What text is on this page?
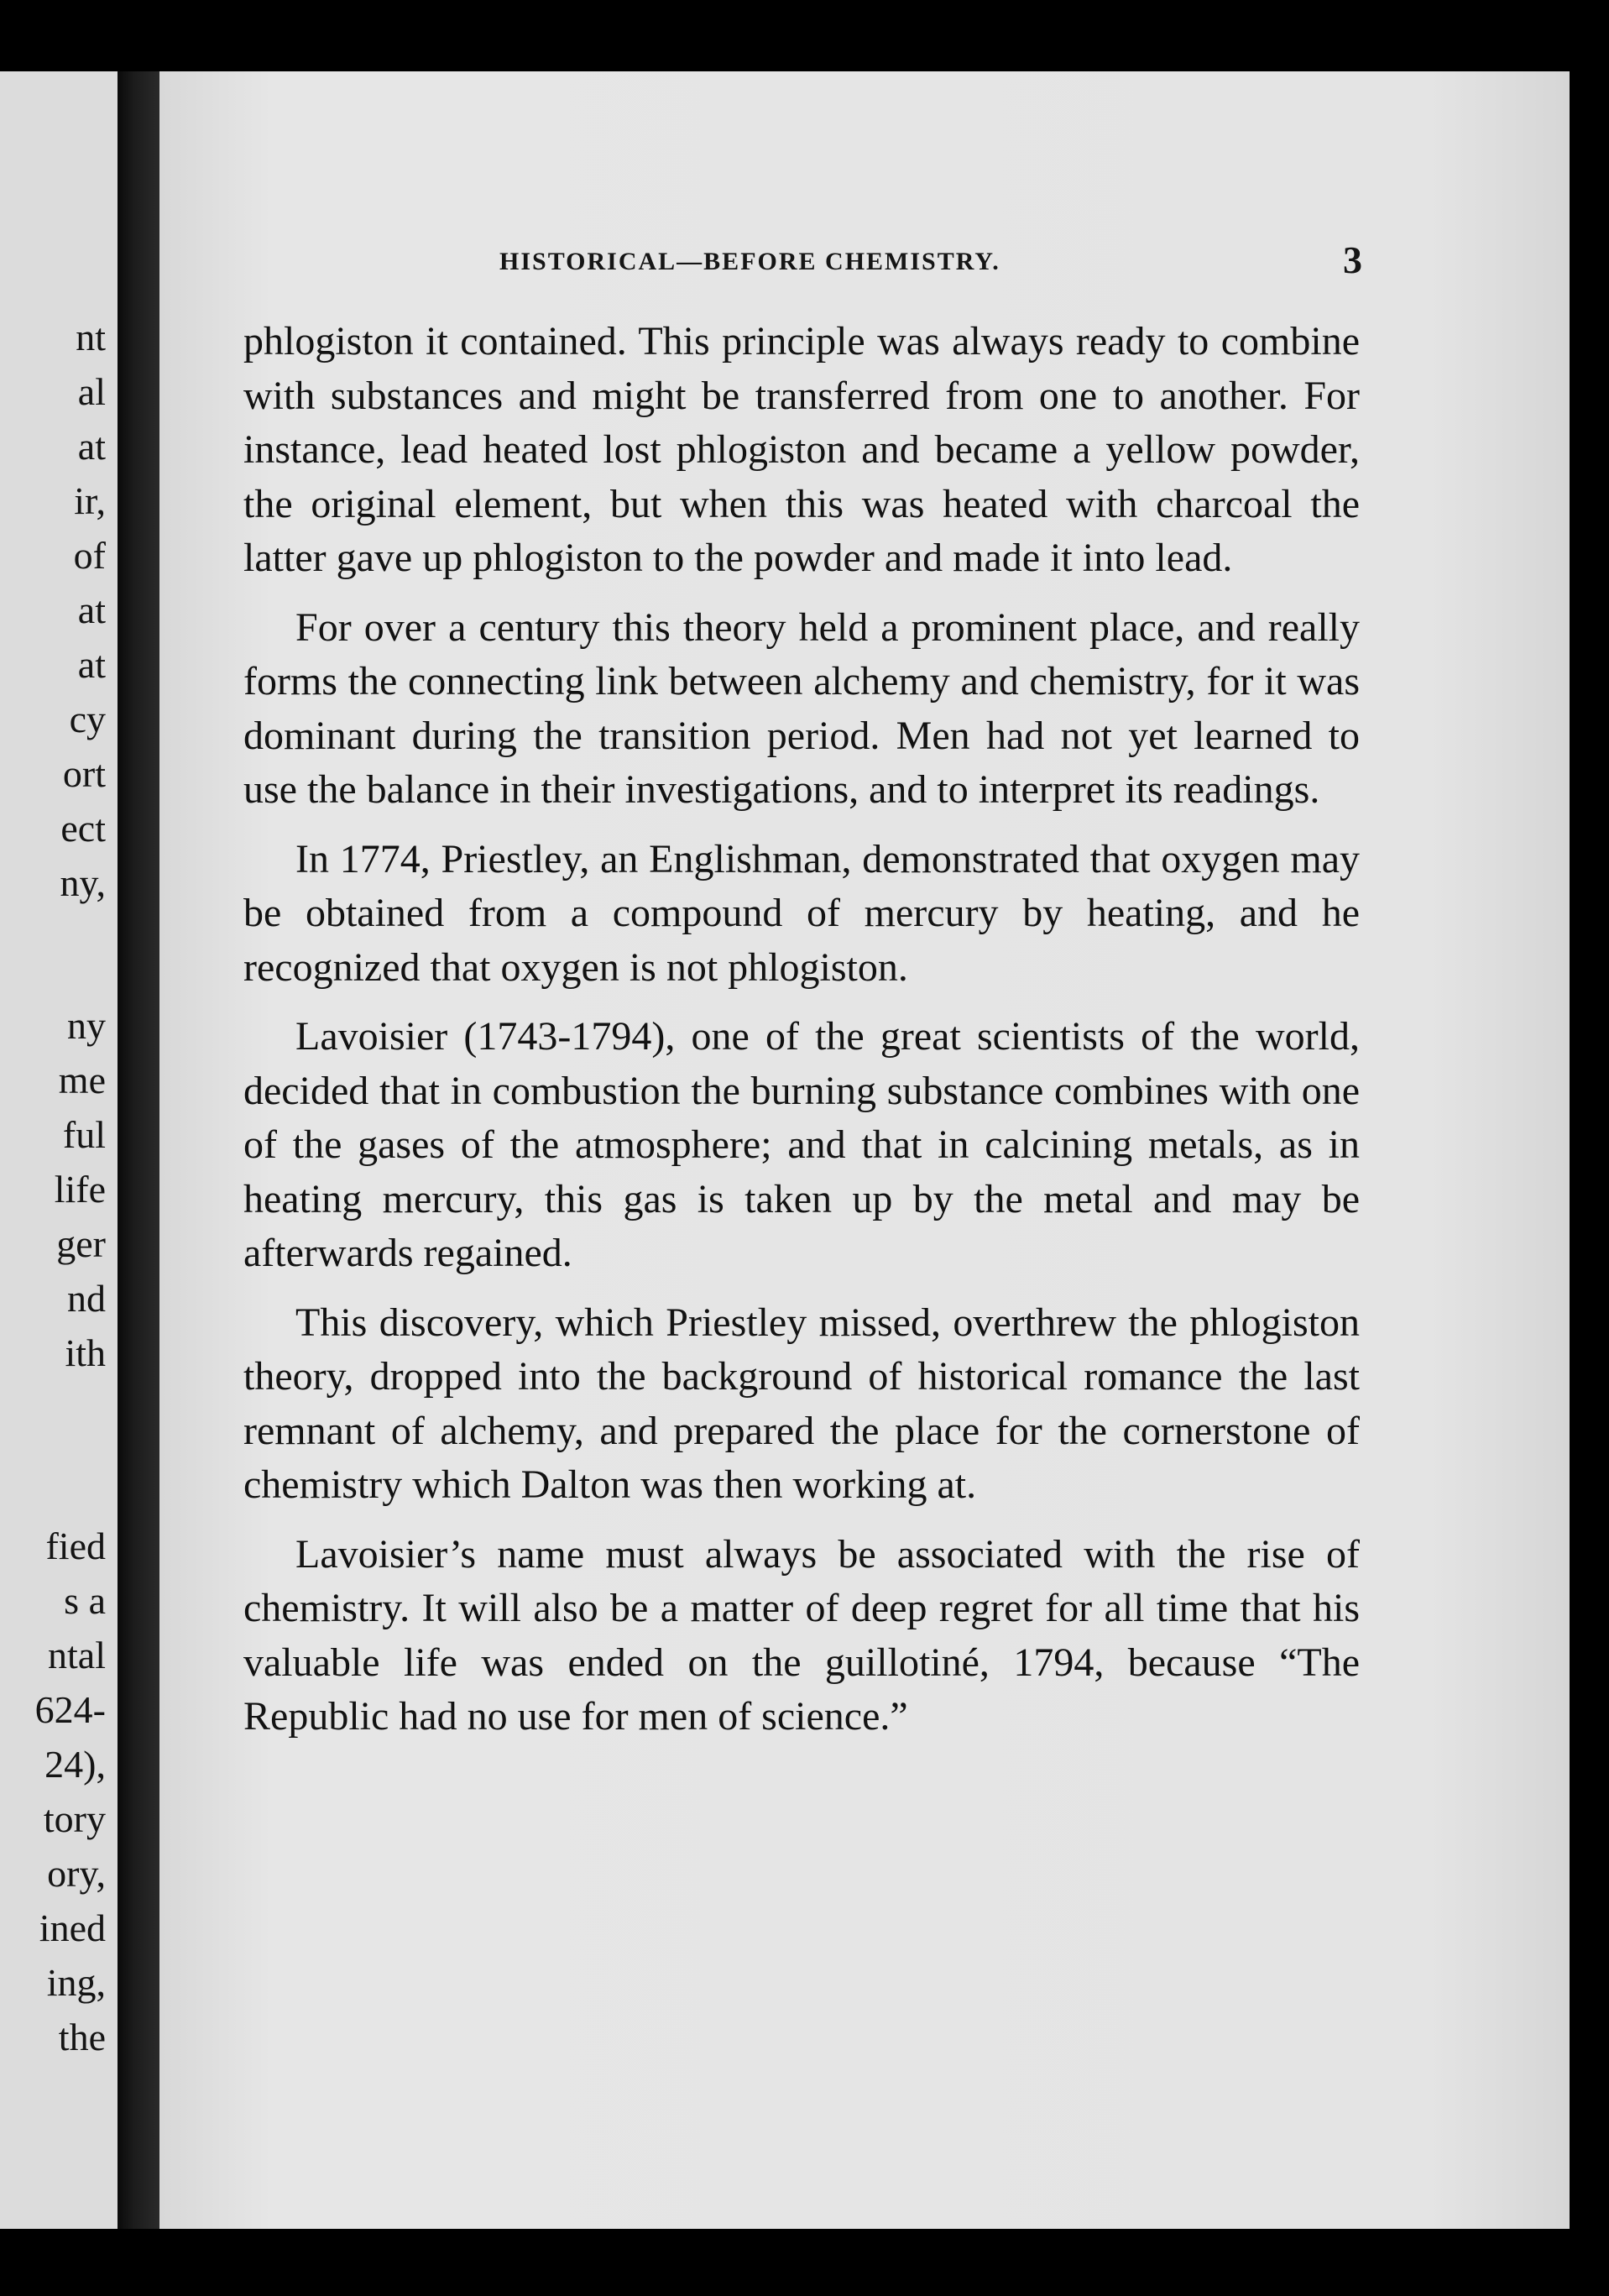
nt
al
at
ir,
of
at
at
cy
ort
ect
ny,
ny
me
ful
life
ger
nd
ith
fied
s a
ntal
624-
24),
tory
ory,
ined
ing,
the
HISTORICAL—BEFORE CHEMISTRY.	3

phlogiston it contained. This principle was always ready to combine with substances and might be transferred from one to another. For instance, lead heated lost phlogiston and became a yellow powder, the original element, but when this was heated with charcoal the latter gave up phlogiston to the powder and made it into lead.

For over a century this theory held a prominent place, and really forms the connecting link between alchemy and chemistry, for it was dominant during the transition period. Men had not yet learned to use the balance in their investigations, and to interpret its readings.

In 1774, Priestley, an Englishman, demonstrated that oxygen may be obtained from a compound of mercury by heating, and he recognized that oxygen is not phlogiston.

Lavoisier (1743-1794), one of the great scientists of the world, decided that in combustion the burning substance combines with one of the gases of the atmosphere; and that in calcining metals, as in heating mercury, this gas is taken up by the metal and may be afterwards regained.

This discovery, which Priestley missed, overthrew the phlogiston theory, dropped into the background of historical romance the last remnant of alchemy, and prepared the place for the cornerstone of chemistry which Dalton was then working at.

Lavoisier’s name must always be associated with the rise of chemistry. It will also be a matter of deep regret for all time that his valuable life was ended on the guillotiné, 1794, because “The Republic had no use for men of science.”
